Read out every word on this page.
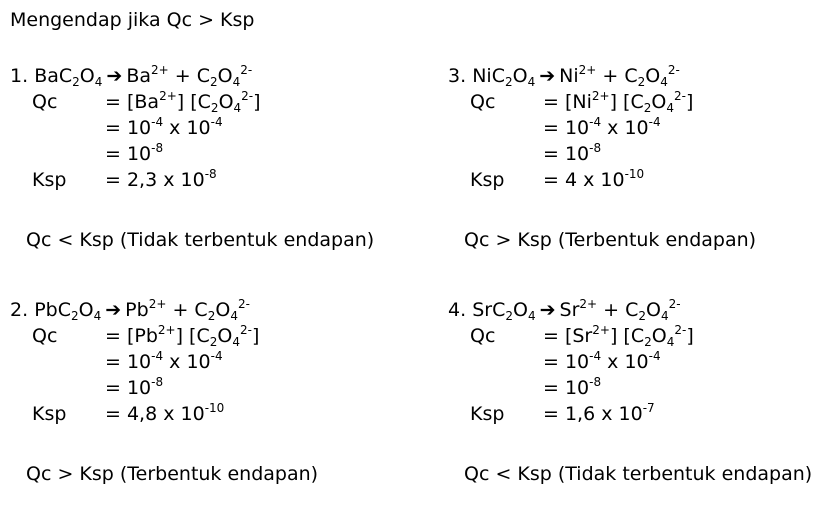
Mengendap jika Qc > Ksp
1. $BaC_2O_4$ ➔ $Ba^{2+} + C_2O_4^{2-}$
Qc	= $[Ba^{2+}]$ $[C_2O_4^{2-}]$
= $10^{-4}$ x $10^{-4}$
= $10^{-8}$
Ksp = 2,3 x $10^{-8}$
Qc < Ksp (Tidak terbentuk endapan)
2. $PbC_2O_4$ ➔ $Pb^{2+} + C_2O_4^{2-}$
Qc	= $[Pb^{2+}]$ $[C_2O_4^{2-}]$
= $10^{-4}$ x $10^{-4}$
= $10^{-8}$
Ksp = 4,8 x $10^{-10}$
Qc > Ksp (Terbentuk endapan)
3. $NiC_2O_4$ ➔ $Ni^{2+} + C_2O_4^{2-}$
Qc	= $[Ni^{2+}]$ $[C_2O_4^{2-}]$
= $10^{-4}$ x $10^{-4}$
= $10^{-8}$
Ksp = 4 x $10^{-10}$
Qc > Ksp (Terbentuk endapan)
4. $SrC_2O_4$ ➔ $Sr^{2+} + C_2O_4^{2-}$
Qc	= $[Sr^{2+}]$ $[C_2O_4^{2-}]$
= $10^{-4}$ x $10^{-4}$
= $10^{-8}$
Ksp = 1,6 x $10^{-7}$
Qc < Ksp (Tidak terbentuk endapan)
